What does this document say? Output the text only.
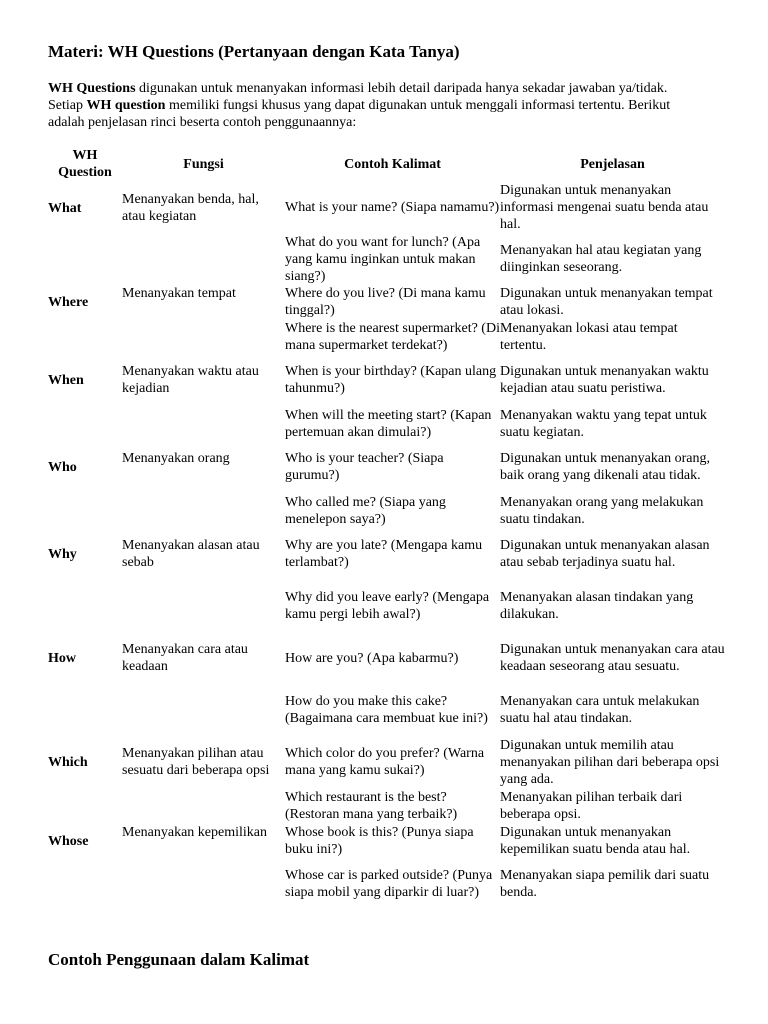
Materi: WH Questions (Pertanyaan dengan Kata Tanya)

WH Questions digunakan untuk menanyakan informasi lebih detail daripada hanya sekadar jawaban ya/tidak. Setiap WH question memiliki fungsi khusus yang dapat digunakan untuk menggali informasi tertentu. Berikut adalah penjelasan rinci beserta contoh penggunaannya:

WH Question	Fungsi	Contoh Kalimat	Penjelasan
What	Menanyakan benda, hal, atau kegiatan	What is your name? (Siapa namamu?)	Digunakan untuk menanyakan informasi mengenai suatu benda atau hal.
		What do you want for lunch? (Apa yang kamu inginkan untuk makan siang?)	Menanyakan hal atau kegiatan yang diinginkan seseorang.
Where	Menanyakan tempat	Where do you live? (Di mana kamu tinggal?)	Digunakan untuk menanyakan tempat atau lokasi.
		Where is the nearest supermarket? (Di mana supermarket terdekat?)	Menanyakan lokasi atau tempat tertentu.
When	Menanyakan waktu atau kejadian	When is your birthday? (Kapan ulang tahunmu?)	Digunakan untuk menanyakan waktu kejadian atau suatu peristiwa.
		When will the meeting start? (Kapan pertemuan akan dimulai?)	Menanyakan waktu yang tepat untuk suatu kegiatan.
Who	Menanyakan orang	Who is your teacher? (Siapa gurumu?)	Digunakan untuk menanyakan orang, baik orang yang dikenali atau tidak.
		Who called me? (Siapa yang menelepon saya?)	Menanyakan orang yang melakukan suatu tindakan.
Why	Menanyakan alasan atau sebab	Why are you late? (Mengapa kamu terlambat?)	Digunakan untuk menanyakan alasan atau sebab terjadinya suatu hal.
		Why did you leave early? (Mengapa kamu pergi lebih awal?)	Menanyakan alasan tindakan yang dilakukan.
How	Menanyakan cara atau keadaan	How are you? (Apa kabarmu?)	Digunakan untuk menanyakan cara atau keadaan seseorang atau sesuatu.
		How do you make this cake? (Bagaimana cara membuat kue ini?)	Menanyakan cara untuk melakukan suatu hal atau tindakan.
Which	Menanyakan pilihan atau sesuatu dari beberapa opsi	Which color do you prefer? (Warna mana yang kamu sukai?)	Digunakan untuk memilih atau menanyakan pilihan dari beberapa opsi yang ada.
		Which restaurant is the best? (Restoran mana yang terbaik?)	Menanyakan pilihan terbaik dari beberapa opsi.
Whose	Menanyakan kepemilikan	Whose book is this? (Punya siapa buku ini?)	Digunakan untuk menanyakan kepemilikan suatu benda atau hal.
		Whose car is parked outside? (Punya siapa mobil yang diparkir di luar?)	Menanyakan siapa pemilik dari suatu benda.
Contoh Penggunaan dalam Kalimat
